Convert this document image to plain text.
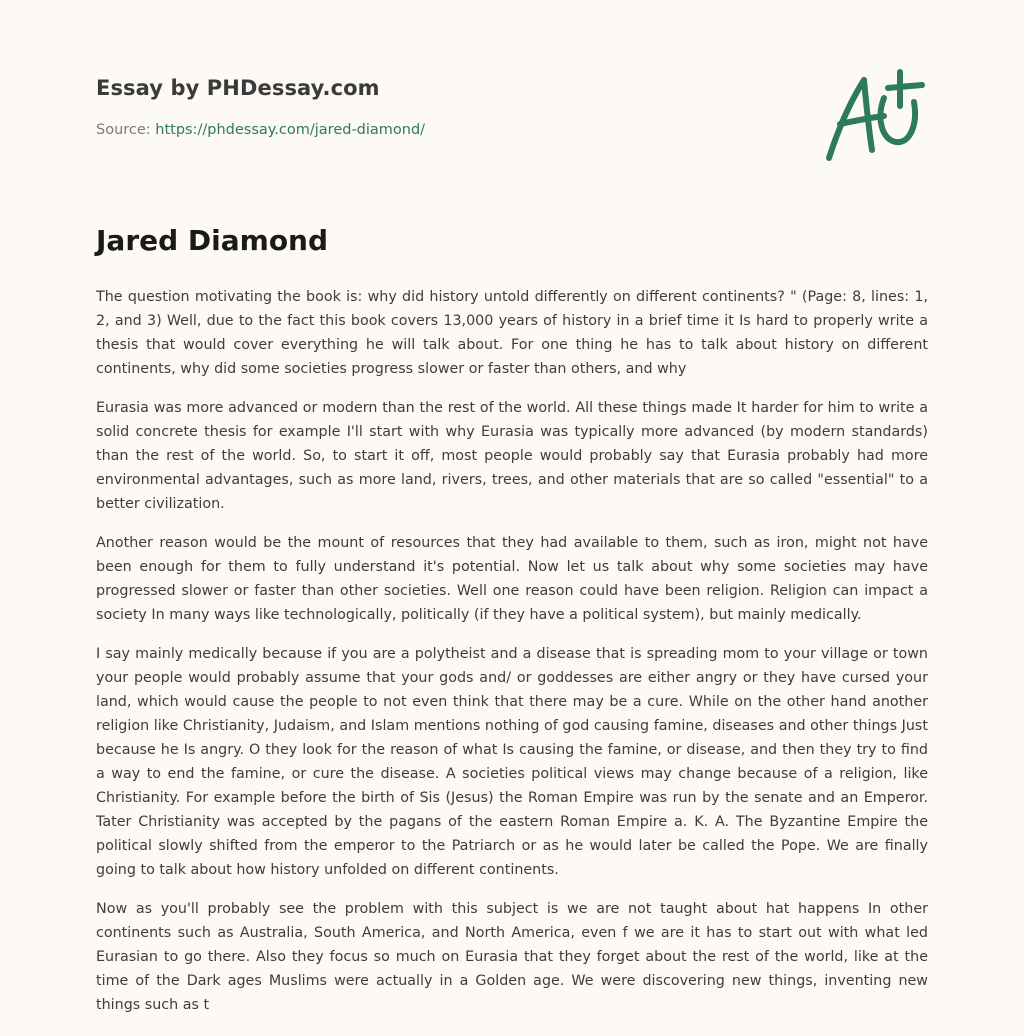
Essay by PHDessay.com
Source: https://phdessay.com/jared-diamond/
Jared Diamond

The question motivating the book is: why did history untold differently on different continents? " (Page: 8, lines: 1, 2, and 3) Well, due to the fact this book covers 13,000 years of history in a brief time it Is hard to properly write a thesis that would cover everything he will talk about. For one thing he has to talk about history on different continents, why did some societies progress slower or faster than others, and why

Eurasia was more advanced or modern than the rest of the world. All these things made It harder for him to write a solid concrete thesis for example I'll start with why Eurasia was typically more advanced (by modern standards) than the rest of the world. So, to start it off, most people would probably say that Eurasia probably had more environmental advantages, such as more land, rivers, trees, and other materials that are so called "essential" to a better civilization.

Another reason would be the mount of resources that they had available to them, such as iron, might not have been enough for them to fully understand it's potential. Now let us talk about why some societies may have progressed slower or faster than other societies. Well one reason could have been religion. Religion can impact a society In many ways like technologically, politically (if they have a political system), but mainly medically.

I say mainly medically because if you are a polytheist and a disease that is spreading mom to your village or town your people would probably assume that your gods and/ or goddesses are either angry or they have cursed your land, which would cause the people to not even think that there may be a cure. While on the other hand another religion like Christianity, Judaism, and Islam mentions nothing of god causing famine, diseases and other things Just because he Is angry. O they look for the reason of what Is causing the famine, or disease, and then they try to find a way to end the famine, or cure the disease. A societies political views may change because of a religion, like Christianity. For example before the birth of Sis (Jesus) the Roman Empire was run by the senate and an Emperor. Tater Christianity was accepted by the pagans of the eastern Roman Empire a. K. A. The Byzantine Empire the political slowly shifted from the emperor to the Patriarch or as he would later be called the Pope. We are finally going to talk about how history unfolded on different continents.

Now as you'll probably see the problem with this subject is we are not taught about hat happens In other continents such as Australia, South America, and North America, even f we are it has to start out with what led Eurasian to go there. Also they focus so much on Eurasia that they forget about the rest of the world, like at the time of the Dark ages Muslims were actually in a Golden age. We were discovering new things, inventing new things such as t
